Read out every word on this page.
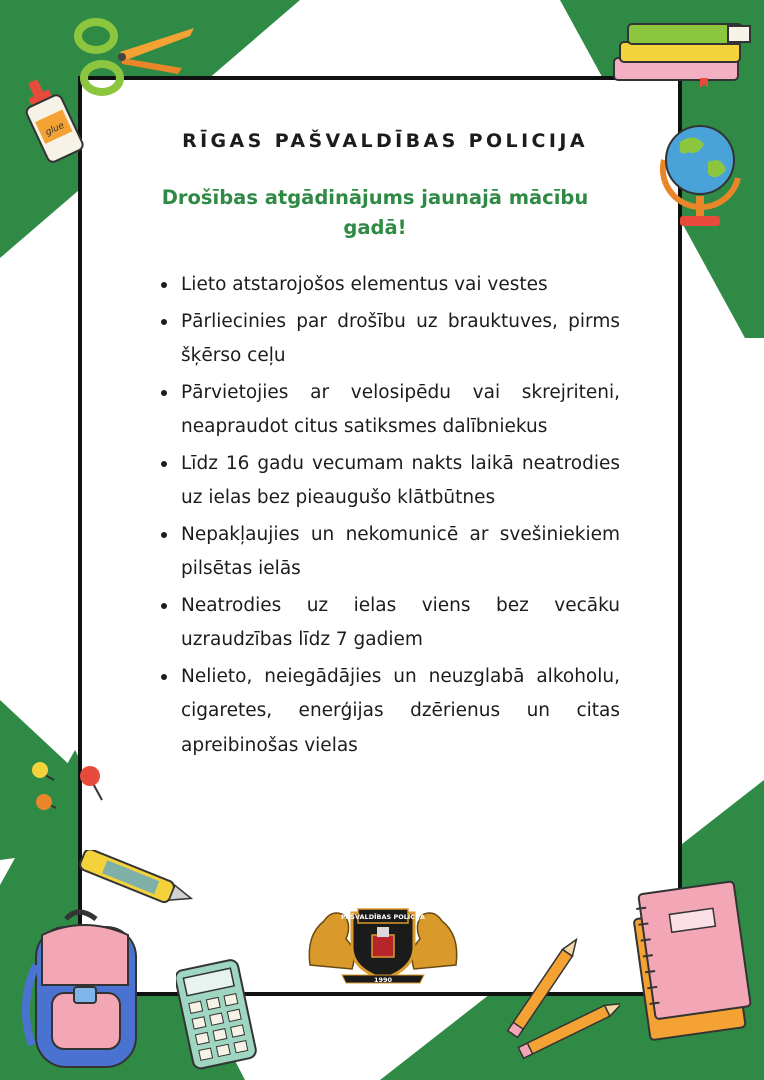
glue
RĪGAS PAŠVALDĪBAS POLICIJA
Drošības atgādinājums jaunajā mācību gadā!
Lieto atstarojošos elementus vai vestes
Pārliecinies par drošību uz brauktuves, pirms šķērso ceļu
Pārvietojies ar velosipēdu vai skrejriteni, neapraudot citus satiksmes dalībniekus
Līdz 16 gadu vecumam nakts laikā neatrodies uz ielas bez pieaugušo klātbūtnes
Nepakļaujies un nekomunicē ar svešiniekiem pilsētas ielās
Neatrodies uz ielas viens bez vecāku uzraudzības līdz 7 gadiem
Nelieto, neiegādājies un neuzglabā alkoholu, cigaretes, enerģijas dzērienus un citas apreibinošas vielas
PAŠVALDĪBAS POLICIJA
1990
